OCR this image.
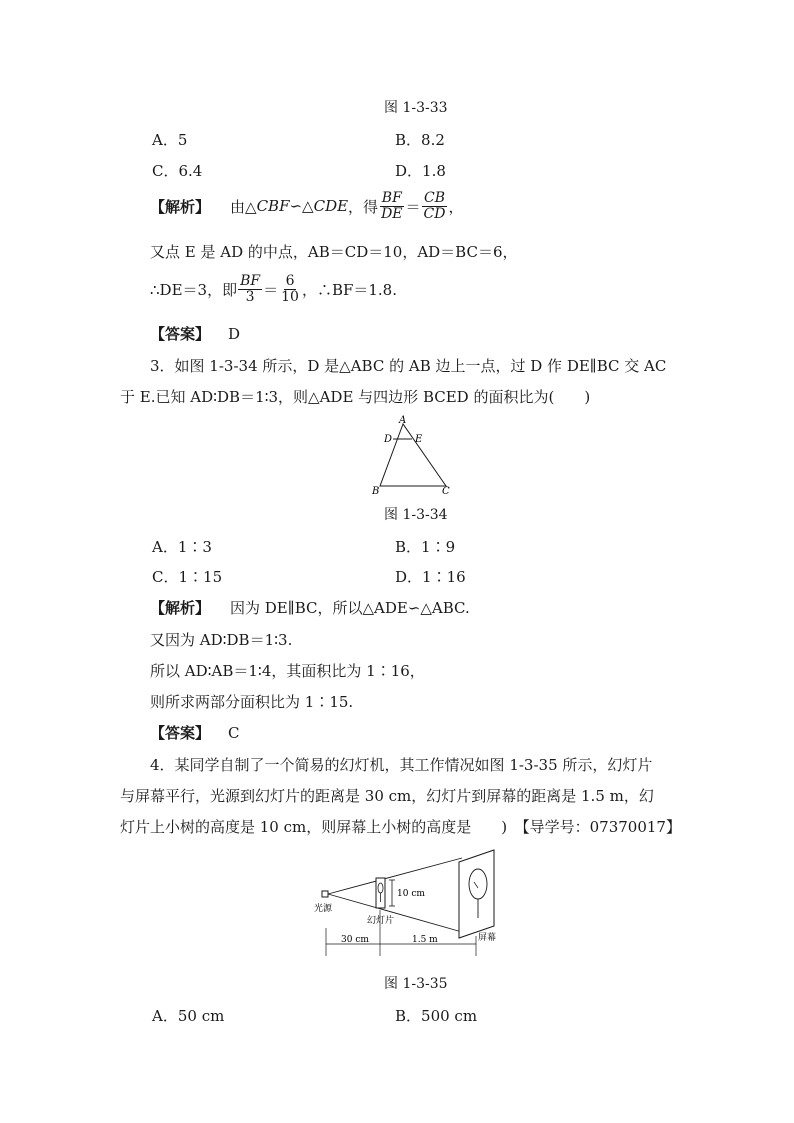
图 1-3-33
A．5	B．8.2
C．6.4	D．1.8
【解析】 由△ CBF ∽△ CDE ，得 $\frac{BF}{DE} = \frac{CB}{CD}$ ，
又点 E 是 AD 的中点，AB＝CD＝10，AD＝BC＝6，
∴DE＝3，即 $\frac{BF}{3} = \frac{6}{10}$ ，∴BF＝1.8.
【答案】 D
3．如图 1-3-34 所示，D 是△ABC 的 AB 边上一点，过 D 作 DE∥BC 交 AC
于 E.已知 AD∶DB＝1∶3，则△ADE 与四边形 BCED 的面积比为(　　)
A
D E
B	C
图 1-3-34
A．1∶3	B．1∶9
C．1∶15	D．1∶16
【解析】 因为 DE∥BC，所以△ADE∽△ABC.
又因为 AD∶DB＝1∶3.
所以 AD∶AB＝1∶4，其面积比为 1∶16，
则所求两部分面积比为 1∶15.
【答案】 C
4．某同学自制了一个简易的幻灯机，其工作情况如图 1-3-35 所示，幻灯片
与屏幕平行，光源到幻灯片的距离是 30 cm，幻灯片到屏幕的距离是 1.5 m，幻
灯片上小树的高度是 10 cm，则屏幕上小树的高度是　　)　【导学号：07370017】
10 cm
光源
幻灯片
屏幕
30 cm	1.5 m
图 1-3-35
A．50 cm	B．500 cm
